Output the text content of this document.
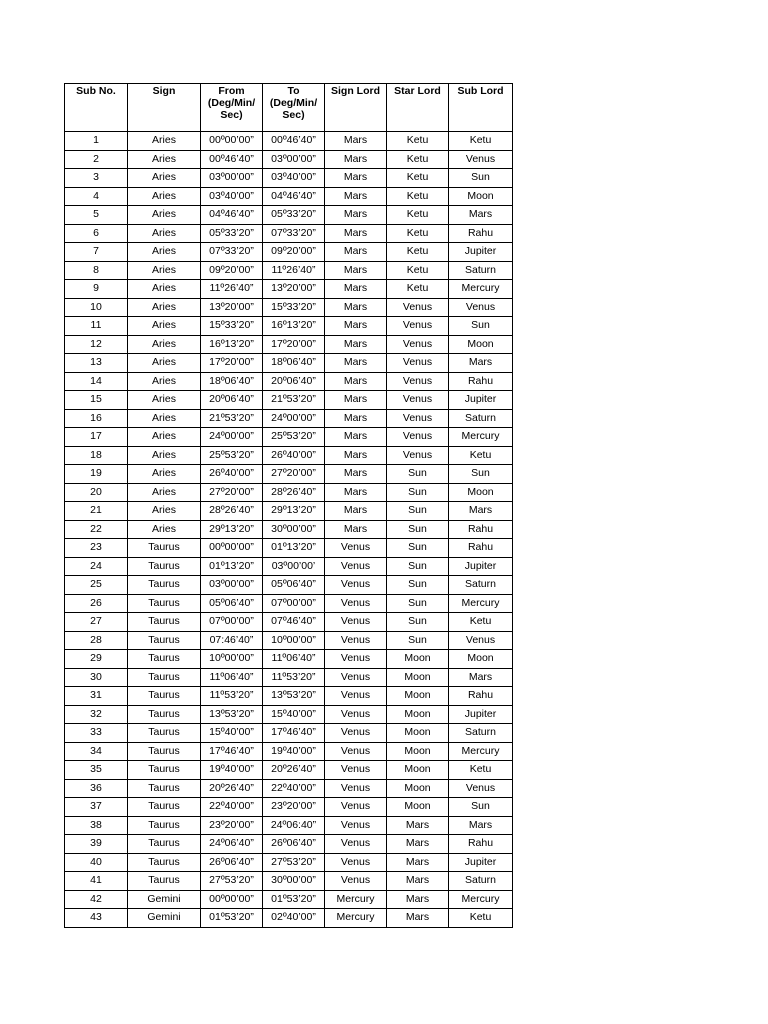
Sub No.	Sign	From (Deg/Min/ Sec)	To (Deg/Min/ Sec)	Sign Lord	Star Lord	Sub Lord
1	Aries	00º00’00”	00º46’40”	Mars	Ketu	Ketu
2	Aries	00º46’40”	03º00’00”	Mars	Ketu	Venus
3	Aries	03º00’00”	03º40’00”	Mars	Ketu	Sun
4	Aries	03º40’00”	04º46’40”	Mars	Ketu	Moon
5	Aries	04º46’40”	05º33’20”	Mars	Ketu	Mars
6	Aries	05º33’20”	07º33’20”	Mars	Ketu	Rahu
7	Aries	07º33’20”	09º20’00”	Mars	Ketu	Jupiter
8	Aries	09º20’00”	11º26’40”	Mars	Ketu	Saturn
9	Aries	11º26’40”	13º20’00”	Mars	Ketu	Mercury
10	Aries	13º20’00”	15º33’20”	Mars	Venus	Venus
11	Aries	15º33’20”	16º13’20”	Mars	Venus	Sun
12	Aries	16º13’20”	17º20’00”	Mars	Venus	Moon
13	Aries	17º20’00”	18º06’40”	Mars	Venus	Mars
14	Aries	18º06’40”	20º06’40”	Mars	Venus	Rahu
15	Aries	20º06’40”	21º53’20”	Mars	Venus	Jupiter
16	Aries	21º53’20”	24º00’00”	Mars	Venus	Saturn
17	Aries	24º00’00”	25º53’20”	Mars	Venus	Mercury
18	Aries	25º53’20”	26º40’00”	Mars	Venus	Ketu
19	Aries	26º40’00”	27º20’00”	Mars	Sun	Sun
20	Aries	27º20’00”	28º26’40”	Mars	Sun	Moon
21	Aries	28º26’40”	29º13’20”	Mars	Sun	Mars
22	Aries	29º13’20”	30º00’00”	Mars	Sun	Rahu
23	Taurus	00º00’00”	01º13’20”	Venus	Sun	Rahu
24	Taurus	01º13’20”	03º00’00’	Venus	Sun	Jupiter
25	Taurus	03º00’00”	05º06’40”	Venus	Sun	Saturn
26	Taurus	05º06’40”	07º00’00”	Venus	Sun	Mercury
27	Taurus	07º00’00”	07º46’40”	Venus	Sun	Ketu
28	Taurus	07:46’40”	10º00’00”	Venus	Sun	Venus
29	Taurus	10º00’00”	11º06’40”	Venus	Moon	Moon
30	Taurus	11º06’40”	11º53’20”	Venus	Moon	Mars
31	Taurus	11º53’20”	13º53’20”	Venus	Moon	Rahu
32	Taurus	13º53’20”	15º40’00”	Venus	Moon	Jupiter
33	Taurus	15º40’00”	17º46’40”	Venus	Moon	Saturn
34	Taurus	17º46’40”	19º40’00”	Venus	Moon	Mercury
35	Taurus	19º40’00”	20º26’40”	Venus	Moon	Ketu
36	Taurus	20º26’40”	22º40’00”	Venus	Moon	Venus
37	Taurus	22º40’00”	23º20’00”	Venus	Moon	Sun
38	Taurus	23º20’00”	24º06:40”	Venus	Mars	Mars
39	Taurus	24º06’40”	26º06’40”	Venus	Mars	Rahu
40	Taurus	26º06’40”	27º53’20”	Venus	Mars	Jupiter
41	Taurus	27º53’20”	30º00’00”	Venus	Mars	Saturn
42	Gemini	00º00’00”	01º53’20”	Mercury	Mars	Mercury
43	Gemini	01º53’20”	02º40’00”	Mercury	Mars	Ketu
